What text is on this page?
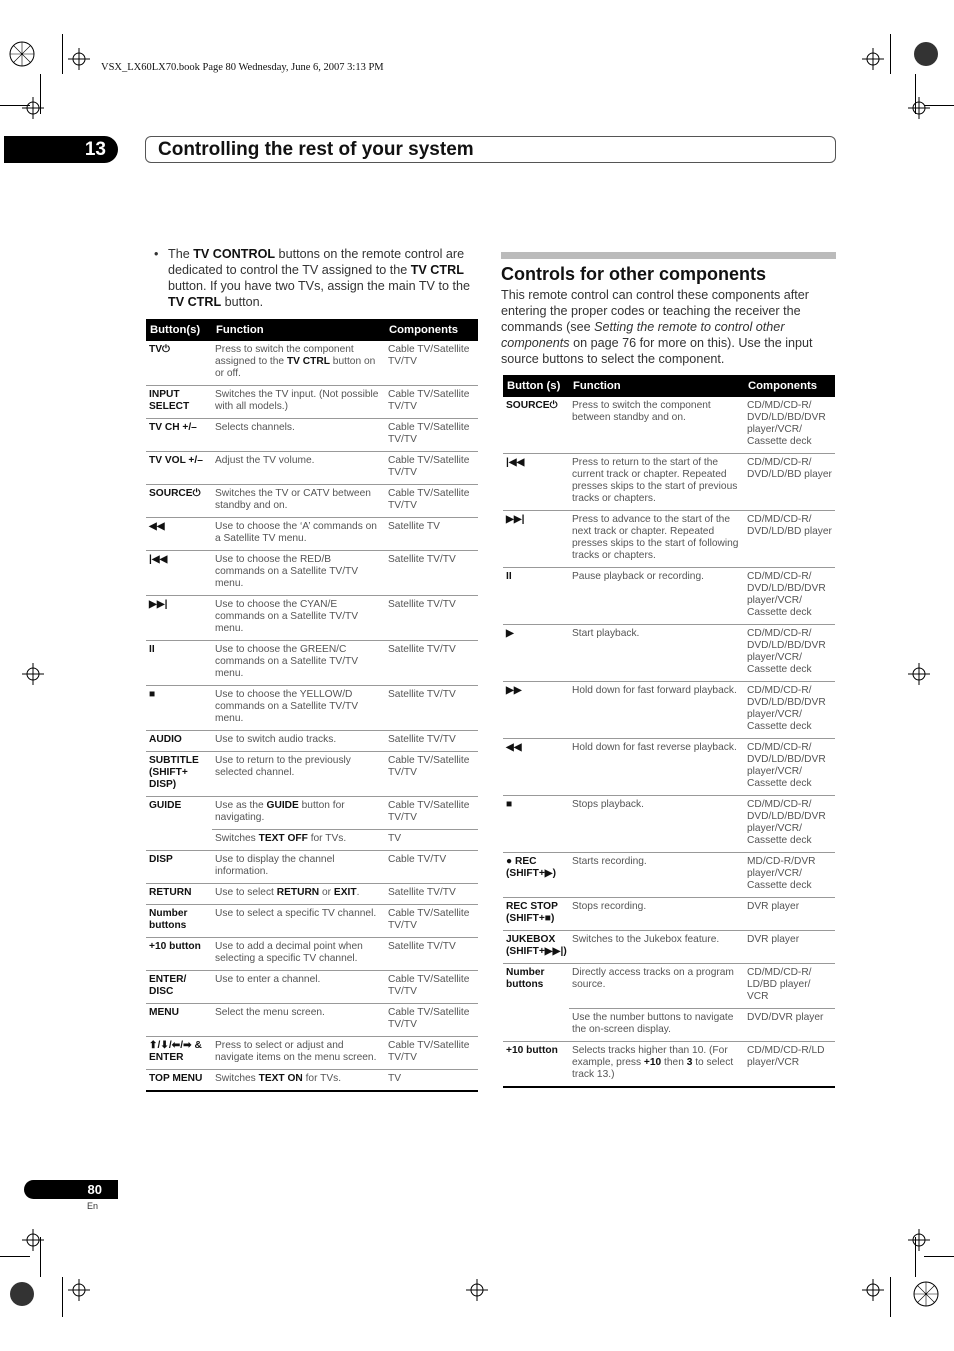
VSX_LX60LX70.book Page 80 Wednesday, June 6, 2007 3:13 PM
13	Controlling the rest of your system
• The TV CONTROL buttons on the remote control are dedicated to control the TV assigned to the TV CTRL button. If you have two TVs, assign the main TV to the TV CTRL button.
Button(s)	Function	Components
TV⏻	Press to switch the component assigned to the TV CTRL button on or off.	Cable TV/Satellite TV/TV
INPUT SELECT	Switches the TV input. (Not possible with all models.)	Cable TV/Satellite TV/TV
TV CH +/–	Selects channels.	Cable TV/Satellite TV/TV
TV VOL +/–	Adjust the TV volume.	Cable TV/Satellite TV/TV
SOURCE⏻	Switches the TV or CATV between standby and on.	Cable TV/Satellite TV/TV
◀◀	Use to choose the ‘A’ commands on a Satellite TV menu.	Satellite TV
|◀◀	Use to choose the RED/B commands on a Satellite TV/TV menu.	Satellite TV/TV
▶▶|	Use to choose the CYAN/E commands on a Satellite TV/TV menu.	Satellite TV/TV
II	Use to choose the GREEN/C commands on a Satellite TV/TV menu.	Satellite TV/TV
■	Use to choose the YELLOW/D commands on a Satellite TV/TV menu.	Satellite TV/TV
AUDIO	Use to switch audio tracks.	Satellite TV/TV
SUBTITLE (SHIFT+ DISP)	Use to return to the previously selected channel.	Cable TV/Satellite TV/TV
GUIDE	Use as the GUIDE button for navigating.	Cable TV/Satellite TV/TV
	Switches TEXT OFF for TVs.	TV
DISP	Use to display the channel information.	Cable TV/TV
RETURN	Use to select RETURN or EXIT.	Satellite TV/TV
Number buttons	Use to select a specific TV channel.	Cable TV/Satellite TV/TV
+10 button	Use to add a decimal point when selecting a specific TV channel.	Satellite TV/TV
ENTER/ DISC	Use to enter a channel.	Cable TV/Satellite TV/TV
MENU	Select the menu screen.	Cable TV/Satellite TV/TV
⬆/⬇/⬅/➡ & ENTER	Press to select or adjust and navigate items on the menu screen.	Cable TV/Satellite TV/TV
TOP MENU	Switches TEXT ON for TVs.	TV
Controls for other components
This remote control can control these components after entering the proper codes or teaching the receiver the commands (see Setting the remote to control other components on page 76 for more on this). Use the input source buttons to select the component.
Button (s)	Function	Components
SOURCE⏻	Press to switch the component between standby and on.	CD/MD/CD-R/ DVD/LD/BD/DVR player/VCR/ Cassette deck
|◀◀	Press to return to the start of the current track or chapter. Repeated presses skips to the start of previous tracks or chapters.	CD/MD/CD-R/ DVD/LD/BD player
▶▶|	Press to advance to the start of the next track or chapter. Repeated presses skips to the start of following tracks or chapters.	CD/MD/CD-R/ DVD/LD/BD player
II	Pause playback or recording.	CD/MD/CD-R/ DVD/LD/BD/DVR player/VCR/ Cassette deck
▶	Start playback.	CD/MD/CD-R/ DVD/LD/BD/DVR player/VCR/ Cassette deck
▶▶	Hold down for fast forward playback.	CD/MD/CD-R/ DVD/LD/BD/DVR player/VCR/ Cassette deck
◀◀	Hold down for fast reverse playback.	CD/MD/CD-R/ DVD/LD/BD/DVR player/VCR/ Cassette deck
■	Stops playback.	CD/MD/CD-R/ DVD/LD/BD/DVR player/VCR/ Cassette deck
● REC (SHIFT+▶)	Starts recording.	MD/CD-R/DVR player/VCR/ Cassette deck
REC STOP (SHIFT+■)	Stops recording.	DVR player
JUKEBOX (SHIFT+▶▶|)	Switches to the Jukebox feature.	DVR player
Number buttons	Directly access tracks on a program source.	CD/MD/CD-R/ LD/BD player/ VCR
	Use the number buttons to navigate the on-screen display.	DVD/DVR player
+10 button	Selects tracks higher than 10. (For example, press +10 then 3 to select track 13.)	CD/MD/CD-R/LD player/VCR
80
En
